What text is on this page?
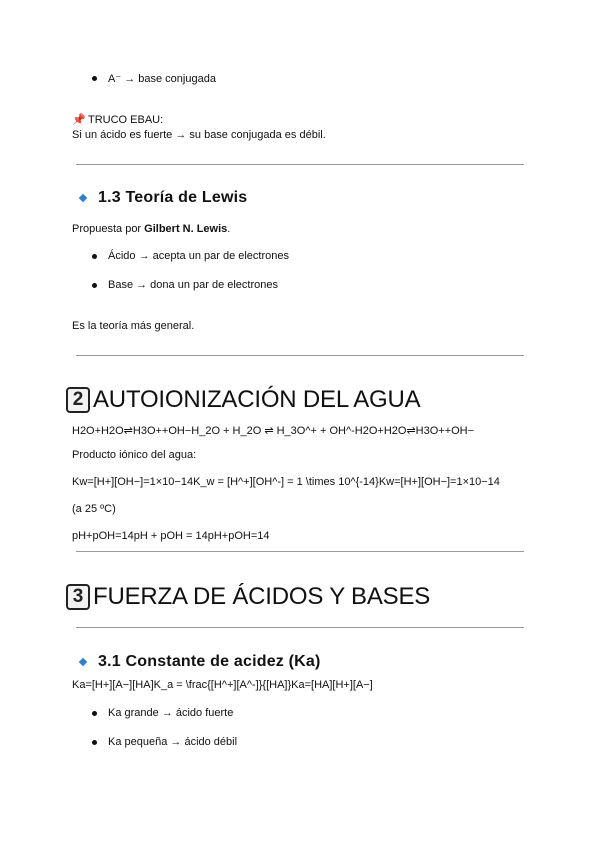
A⁻ → base conjugada
📌 TRUCO EBAU:
Si un ácido es fuerte → su base conjugada es débil.
1.3 Teoría de Lewis
Propuesta por Gilbert N. Lewis.
Ácido → acepta un par de electrones
Base → dona un par de electrones
Es la teoría más general.
2 AUTOIONIZACIÓN DEL AGUA
H2O+H2O⇌H3O++OH−H_2O + H_2O ⇌ H_3O^+ + OH^-H2O+H2O⇌H3O++OH−
Producto iónico del agua:
Kw=[H+][OH−]=1×10−14K_w = [H^+][OH^-] = 1 \times 10^{-14}Kw=[H+][OH−]=1×10−14
(a 25 ºC)
pH+pOH=14pH + pOH = 14pH+pOH=14
3 FUERZA DE ÁCIDOS Y BASES
3.1 Constante de acidez (Ka)
Ka=[H+][A−][HA]K_a = \frac{[H^+][A^-]}{[HA]}Ka=[HA][H+][A−]
Ka grande → ácido fuerte
Ka pequeña → ácido débil
